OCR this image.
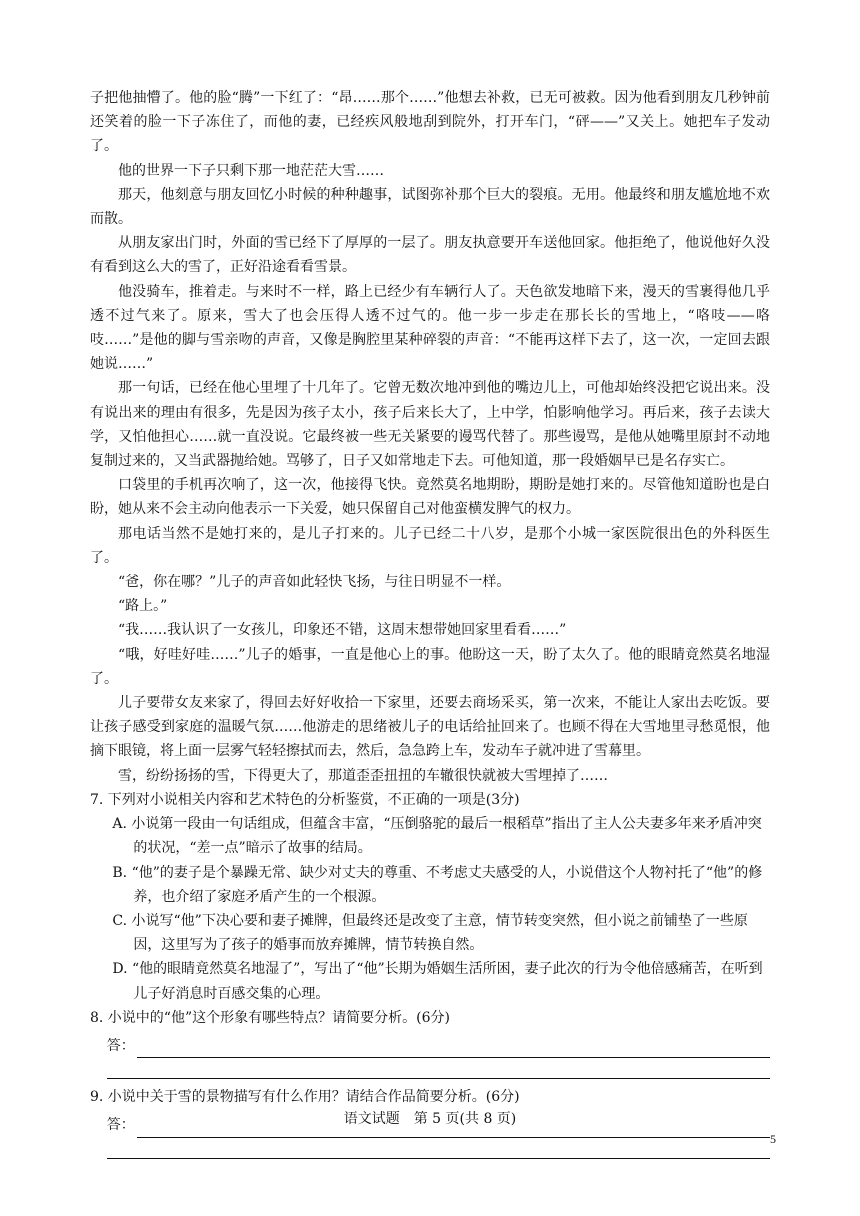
子把他抽懵了。他的脸“腾”一下红了：“昂……那个……”他想去补救，已无可被救。因为他看到朋友几秒钟前还笑着的脸一下子冻住了，而他的妻，已经疾风般地刮到院外，打开车门，“砰——”又关上。她把车子发动了。

他的世界一下子只剩下那一地茫茫大雪……

那天，他刻意与朋友回忆小时候的种种趣事，试图弥补那个巨大的裂痕。无用。他最终和朋友尴尬地不欢而散。

从朋友家出门时，外面的雪已经下了厚厚的一层了。朋友执意要开车送他回家。他拒绝了，他说他好久没有看到这么大的雪了，正好沿途看看雪景。

他没骑车，推着走。与来时不一样，路上已经少有车辆行人了。天色欲发地暗下来，漫天的雪裹得他几乎透不过气来了。原来，雪大了也会压得人透不过气的。他一步一步走在那长长的雪地上，“咯吱——咯吱……”是他的脚与雪亲吻的声音，又像是胸腔里某种碎裂的声音：“不能再这样下去了，这一次，一定回去跟她说……”

那一句话，已经在他心里埋了十几年了。它曾无数次地冲到他的嘴边儿上，可他却始终没把它说出来。没有说出来的理由有很多，先是因为孩子太小，孩子后来长大了，上中学，怕影响他学习。再后来，孩子去读大学，又怕他担心……就一直没说。它最终被一些无关紧要的谩骂代替了。那些谩骂，是他从她嘴里原封不动地复制过来的，又当武器抛给她。骂够了，日子又如常地走下去。可他知道，那一段婚姻早已是名存实亡。

口袋里的手机再次响了，这一次，他接得飞快。竟然莫名地期盼，期盼是她打来的。尽管他知道盼也是白盼，她从来不会主动向他表示一下关爱，她只保留自己对他蛮横发脾气的权力。

那电话当然不是她打来的，是儿子打来的。儿子已经二十八岁，是那个小城一家医院很出色的外科医生了。

“爸，你在哪？”儿子的声音如此轻快飞扬，与往日明显不一样。

“路上。”

“我……我认识了一女孩儿，印象还不错，这周末想带她回家里看看……”

“哦，好哇好哇……”儿子的婚事，一直是他心上的事。他盼这一天，盼了太久了。他的眼睛竟然莫名地湿了。

儿子要带女友来家了，得回去好好收拾一下家里，还要去商场采买，第一次来，不能让人家出去吃饭。要让孩子感受到家庭的温暖气氛……他游走的思绪被儿子的电话给扯回来了。也顾不得在大雪地里寻愁觅恨，他摘下眼镜，将上面一层雾气轻轻擦拭而去，然后，急急跨上车，发动车子就冲进了雪幕里。

雪，纷纷扬扬的雪，下得更大了，那道歪歪扭扭的车辙很快就被大雪埋掉了……

7. 下列对小说相关内容和艺术特色的分析鉴赏，不正确的一项是(3分)

A. 小说第一段由一句话组成，但蕴含丰富，“压倒骆驼的最后一根稻草”指出了主人公夫妻多年来矛盾冲突的状况，“差一点”暗示了故事的结局。

B. “他”的妻子是个暴躁无常、缺少对丈夫的尊重、不考虑丈夫感受的人，小说借这个人物衬托了“他”的修养，也介绍了家庭矛盾产生的一个根源。

C. 小说写“他”下决心要和妻子摊牌，但最终还是改变了主意，情节转变突然，但小说之前铺垫了一些原因，这里写为了孩子的婚事而放弃摊牌，情节转换自然。

D. “他的眼睛竟然莫名地湿了”，写出了“他”长期为婚姻生活所困，妻子此次的行为令他倍感痛苦，在听到儿子好消息时百感交集的心理。

8. 小说中的“他”这个形象有哪些特点？请简要分析。(6分)

答：

9. 小说中关于雪的景物描写有什么作用？请结合作品简要分析。(6分)

答：	语文试题　第 5 页(共 8 页)
5
